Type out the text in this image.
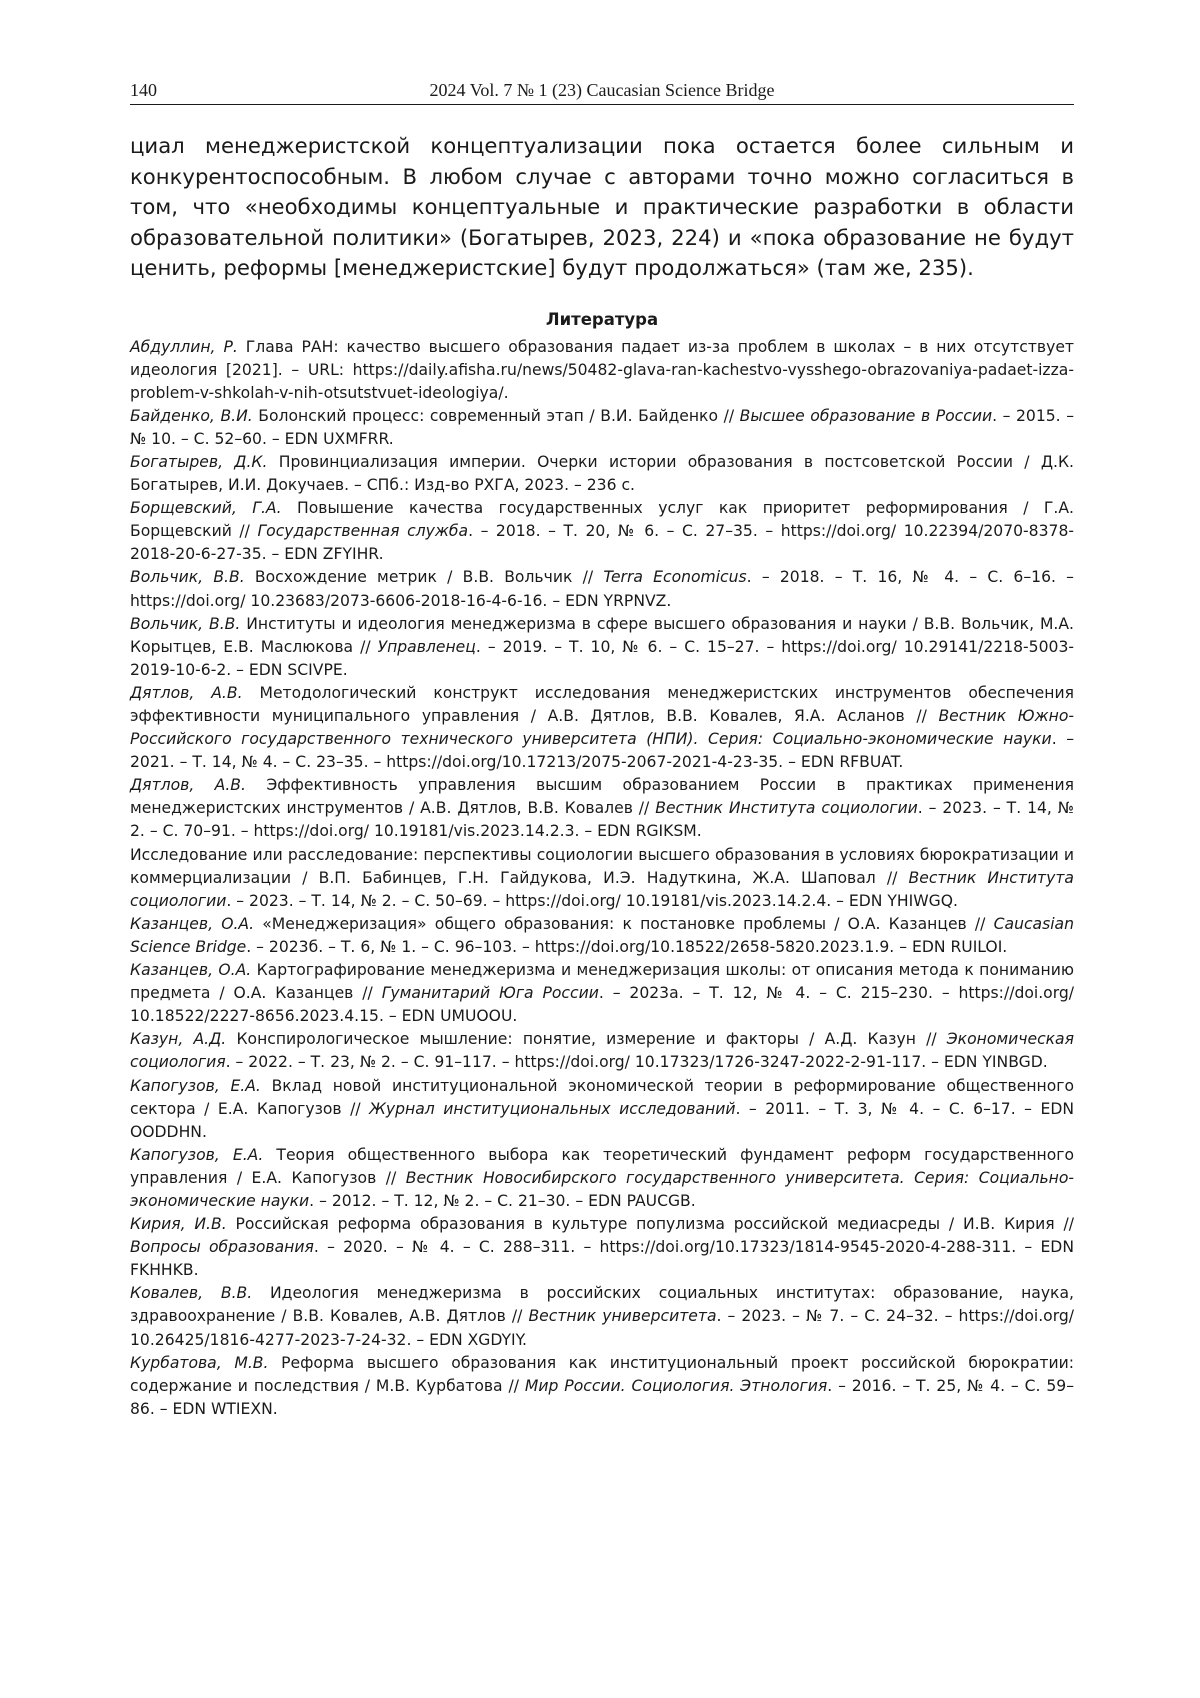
140	2024 Vol. 7 № 1 (23) Caucasian Science Bridge

циал менеджеристской концептуализации пока остается более сильным и конкурентоспособным. В любом случае с авторами точно можно согласиться в том, что «необходимы концептуальные и практические разработки в области образовательной политики» (Богатырев, 2023, 224) и «пока образование не будут ценить, реформы [менеджеристские] будут продолжаться» (там же, 235).

Литература

Абдуллин, Р. Глава РАН: качество высшего образования падает из-за проблем в школах – в них отсутствует идеология [2021]. – URL: https://daily.afisha.ru/news/50482-glava-ran-kachestvo-vysshego-obrazovaniya-padaet-izza-problem-v-shkolah-v-nih-otsutstvuet-ideologiya/.

Байденко, В.И. Болонский процесс: современный этап / В.И. Байденко // Высшее образование в России. – 2015. – № 10. – С. 52–60. – EDN UXMFRR.

Богатырев, Д.К. Провинциализация империи. Очерки истории образования в постсоветской России / Д.К. Богатырев, И.И. Докучаев. – СПб.: Изд-во РХГА, 2023. – 236 с.

Борщевский, Г.А. Повышение качества государственных услуг как приоритет реформирования / Г.А. Борщевский // Государственная служба. – 2018. – Т. 20, № 6. – С. 27–35. – https://doi.org/ 10.22394/2070-8378-2018-20-6-27-35. – EDN ZFYIHR.

Вольчик, В.В. Восхождение метрик / В.В. Вольчик // Terra Economicus. – 2018. – Т. 16, № 4. – С. 6–16. – https://doi.org/ 10.23683/2073-6606-2018-16-4-6-16. – EDN YRPNVZ.

Вольчик, В.В. Институты и идеология менеджеризма в сфере высшего образования и науки / В.В. Вольчик, М.А. Корытцев, Е.В. Маслюкова // Управленец. – 2019. – Т. 10, № 6. – С. 15–27. – https://doi.org/ 10.29141/2218-5003-2019-10-6-2. – EDN SCIVPE.

Дятлов, А.В. Методологический конструкт исследования менеджеристских инструментов обеспечения эффективности муниципального управления / А.В. Дятлов, В.В. Ковалев, Я.А. Асланов // Вестник Южно-Российского государственного технического университета (НПИ). Серия: Социально-экономические науки. – 2021. – Т. 14, № 4. – С. 23–35. – https://doi.org/10.17213/2075-2067-2021-4-23-35. – EDN RFBUAT.

Дятлов, А.В. Эффективность управления высшим образованием России в практиках применения менеджеристских инструментов / А.В. Дятлов, В.В. Ковалев // Вестник Института социологии. – 2023. – Т. 14, № 2. – С. 70–91. – https://doi.org/ 10.19181/vis.2023.14.2.3. – EDN RGIKSM.

Исследование или расследование: перспективы социологии высшего образования в условиях бюрократизации и коммерциализации / В.П. Бабинцев, Г.Н. Гайдукова, И.Э. Надуткина, Ж.А. Шаповал // Вестник Института социологии. – 2023. – Т. 14, № 2. – С. 50–69. – https://doi.org/ 10.19181/vis.2023.14.2.4. – EDN YHIWGQ.

Казанцев, О.А. «Менеджеризация» общего образования: к постановке проблемы / О.А. Казанцев // Caucasian Science Bridge. – 2023б. – Т. 6, № 1. – С. 96–103. – https://doi.org/10.18522/2658-5820.2023.1.9. – EDN RUILOI.

Казанцев, О.А. Картографирование менеджеризма и менеджеризация школы: от описания метода к пониманию предмета / О.А. Казанцев // Гуманитарий Юга России. – 2023а. – Т. 12, № 4. – С. 215–230. – https://doi.org/ 10.18522/2227-8656.2023.4.15. – EDN UMUOOU.

Казун, А.Д. Конспирологическое мышление: понятие, измерение и факторы / А.Д. Казун // Экономическая социология. – 2022. – Т. 23, № 2. – С. 91–117. – https://doi.org/ 10.17323/1726-3247-2022-2-91-117. – EDN YINBGD.

Капогузов, Е.А. Вклад новой институциональной экономической теории в реформирование общественного сектора / Е.А. Капогузов // Журнал институциональных исследований. – 2011. – Т. 3, № 4. – С. 6–17. – EDN OODDHN.

Капогузов, Е.А. Теория общественного выбора как теоретический фундамент реформ государственного управления / Е.А. Капогузов // Вестник Новосибирского государственного университета. Серия: Социально-экономические науки. – 2012. – Т. 12, № 2. – С. 21–30. – EDN PAUCGB.

Кирия, И.В. Российская реформа образования в культуре популизма российской медиасреды / И.В. Кирия // Вопросы образования. – 2020. – № 4. – С. 288–311. – https://doi.org/10.17323/1814-9545-2020-4-288-311. – EDN FKHHKB.

Ковалев, В.В. Идеология менеджеризма в российских социальных институтах: образование, наука, здравоохранение / В.В. Ковалев, А.В. Дятлов // Вестник университета. – 2023. – № 7. – С. 24–32. – https://doi.org/ 10.26425/1816-4277-2023-7-24-32. – EDN XGDYIY.

Курбатова, М.В. Реформа высшего образования как институциональный проект российской бюрократии: содержание и последствия / М.В. Курбатова // Мир России. Социология. Этнология. – 2016. – Т. 25, № 4. – С. 59–86. – EDN WTIEXN.
